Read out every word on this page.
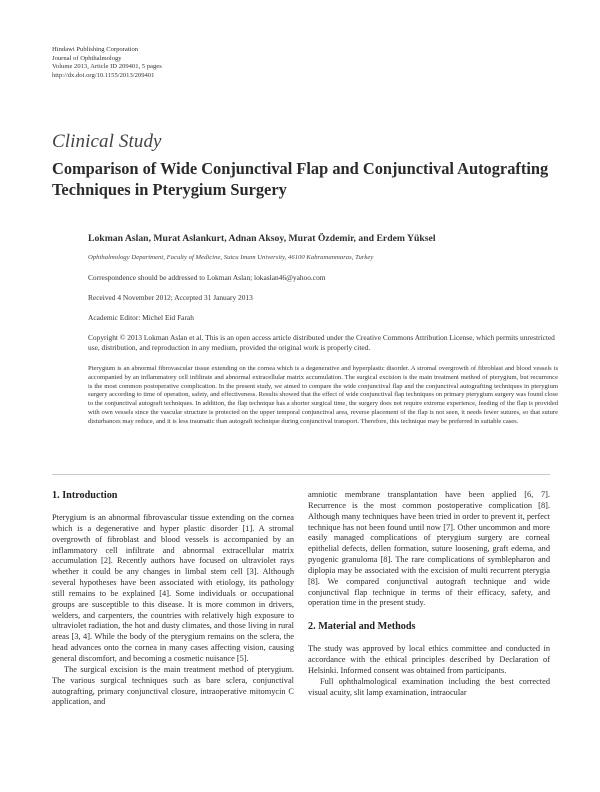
Hindawi Publishing Corporation
Journal of Ophthalmology
Volume 2013, Article ID 209401, 5 pages
http://dx.doi.org/10.1155/2013/209401
Clinical Study
Comparison of Wide Conjunctival Flap and Conjunctival Autografting Techniques in Pterygium Surgery
Lokman Aslan, Murat Aslankurt, Adnan Aksoy, Murat Özdemir, and Erdem Yüksel
Ophthalmology Department, Faculty of Medicine, Sutcu Imam University, 46100 Kahramanmaras, Turkey
Correspondence should be addressed to Lokman Aslan; lokaslan46@yahoo.com
Received 4 November 2012; Accepted 31 January 2013
Academic Editor: Michel Eid Farah
Copyright © 2013 Lokman Aslan et al. This is an open access article distributed under the Creative Commons Attribution License, which permits unrestricted use, distribution, and reproduction in any medium, provided the original work is properly cited.
Pterygium is an abnormal fibrovascular tissue extending on the cornea which is a degenerative and hyperplastic disorder. A stromal overgrowth of fibroblast and blood vessels is accompanied by an inflammatory cell infiltrate and abnormal extracellular matrix accumulation. The surgical excision is the main treatment method of pterygium, but recurrence is the most common postoperative complication. In the present study, we aimed to compare the wide conjunctival flap and the conjunctival autografting techniques in pterygium surgery according to time of operation, safety, and effectiveness. Results showed that the effect of wide conjunctival flap techniques on primary pterygium surgery was found close to the conjunctival autograft techniques. In addition, the flap technique has a shorter surgical time, the surgery does not require extreme experience, feeding of the flap is provided with own vessels since the vascular structure is protected on the upper temporal conjunctival area, reverse placement of the flap is not seen, it needs fewer sutures, so that suture disturbances may reduce, and it is less traumatic than autograft technique during conjunctival transport. Therefore, this technique may be preferred in suitable cases.
1. Introduction

Pterygium is an abnormal fibrovascular tissue extending on the cornea which is a degenerative and hyper plastic disorder [1]. A stromal overgrowth of fibroblast and blood vessels is accompanied by an inflammatory cell infiltrate and abnormal extracellular matrix accumulation [2]. Recently authors have focused on ultraviolet rays whether it could be any changes in limbal stem cell [3]. Although several hypotheses have been associated with etiology, its pathology still remains to be explained [4]. Some individuals or occupational groups are susceptible to this disease. It is more common in drivers, welders, and carpenters, the countries with relatively high exposure to ultraviolet radiation, the hot and dusty climates, and those living in rural areas [3, 4]. While the body of the pterygium remains on the sclera, the head advances onto the cornea in many cases affecting vision, causing general discomfort, and becoming a cosmetic nuisance [5].

The surgical excision is the main treatment method of pterygium. The various surgical techniques such as bare sclera, conjunctival autografting, primary conjunctival closure, intraoperative mitomycin C application, and

amniotic membrane transplantation have been applied [6, 7]. Recurrence is the most common postoperative complication [8]. Although many techniques have been tried in order to prevent it, perfect technique has not been found until now [7]. Other uncommon and more easily managed complications of pterygium surgery are corneal epithelial defects, dellen formation, suture loosening, graft edema, and pyogenic granuloma [8]. The rare complications of symblepharon and diplopia may be associated with the excision of multi recurrent pterygia [8]. We compared conjunctival autograft technique and wide conjunctival flap technique in terms of their efficacy, safety, and operation time in the present study.

2. Material and Methods

The study was approved by local ethics committee and conducted in accordance with the ethical principles described by Declaration of Helsinki. Informed consent was obtained from participants.

Full ophthalmological examination including the best corrected visual acuity, slit lamp examination, intraocular
